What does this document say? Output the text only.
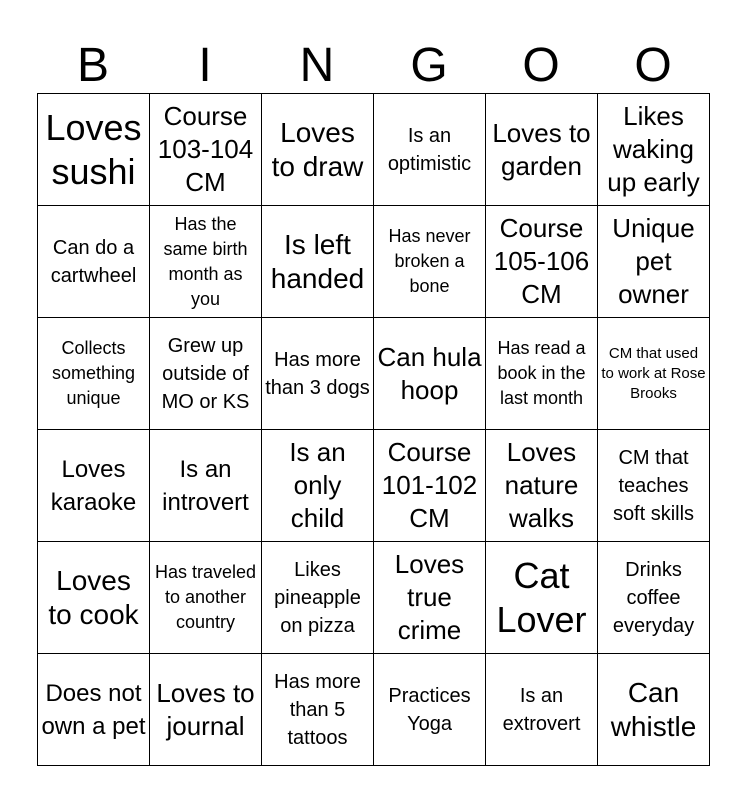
B	I	N	G	O	O
Loves sushi	Course 103-104 CM	Loves to draw	Is an optimistic	Loves to garden	Likes waking up early

Can do a cartwheel	Has the same birth month as you	Is left handed	Has never broken a bone	Course 105-106 CM	Unique pet owner

Collects something unique	Grew up outside of MO or KS	Has more than 3 dogs	Can hula hoop	Has read a book in the last month	CM that used to work at Rose Brooks

Loves karaoke	Is an introvert	Is an only child	Course 101-102 CM	Loves nature walks	CM that teaches soft skills

Loves to cook	Has traveled to another country	Likes pineapple on pizza	Loves true crime	Cat Lover	Drinks coffee everyday

Does not own a pet	Loves to journal	Has more than 5 tattoos	Practices Yoga	Is an extrovert	Can whistle
